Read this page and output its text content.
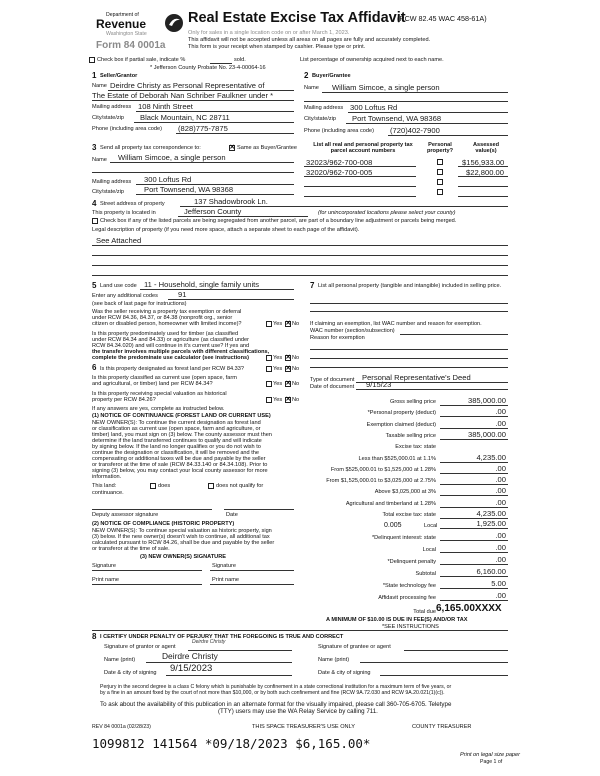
Department of
Revenue
Washington State
Form 84 0001a
Real Estate Excise Tax Affidavit
(RCW 82.45 WAC 458-61A)
Only for sales in a single location code on or after March 1, 2023.
This affidavit will not be accepted unless all areas on all pages are fully and accurately completed.
This form is your receipt when stamped by cashier. Please type or print.
Check box if partial sale, indicate %	sold.	List percentage of ownership acquired next to each name.
* Jefferson County Probate No. 23-4-00064-16
1 Seller/Grantor
Name Deirdre Christy as Personal Representative of
The Estate of Deborah Nan Schriber Faulkner under *
Mailing address 108 Ninth Street
City/state/zip Black Mountain, NC 28711
Phone (including area code) (828)775-7875
2 Buyer/Grantee
Name William Simcoe, a single person
Mailing address 300 Loftus Rd
City/state/zip Port Townsend, WA 98368
Phone (including area code) (720)402-7900
3 Send all property tax correspondence to: ✕	Same as Buyer/Grantee
Name William Simcoe, a single person
Mailing address 300 Loftus Rd
City/state/zip	Port Townsend, WA 98368
List all real and personal property tax parcel account numbers
Personal property?
Assessed value(s)
32023/962-700-008	$156,933.00
32020/962-700-005	$22,800.00
4 Street address of property	137 Shadowbrook Ln.
This property is located in	Jefferson County	(for unincorporated locations please select your county)
Check box if any of the listed parcels are being segregated from another parcel, are part of a boundary line adjustment or parcels being merged.
Legal description of property (if you need more space, attach a separate sheet to each page of the affidavit).
See Attached
5 Land use code 11 - Household, single family units
Enter any additional codes	91
(see back of last page for instructions)
Was the seller receiving a property tax exemption or deferral
under RCW 84.36, 84.37, or 84.38 (nonprofit org., senior
citizen or disabled person, homeowner with limited income)?	Yes ✕ No
Is this property predominately used for timber (as classified
under RCW 84.34 and 84.33) or agriculture (as classified under
RCW 84.34.020) and will continue in it's current use? If yes and
the transfer involves multiple parcels with different classifications,
complete the predominate use calculator (see instructions)	Yes ✕ No
6 Is this property designated as forest land per RCW 84.33?	Yes ✕ No
Is this property classified as current use (open space, farm
and agricultural, or timber) land per RCW 84.34?	Yes ✕ No
Is this property receiving special valuation as historical
property per RCW 84.26?	Yes ✕ No
If any answers are yes, complete as instructed below.
(1) NOTICE OF CONTINUANCE (FOREST LAND OR CURRENT USE)
NEW OWNER(S): To continue the current designation as forest land
or classification as current use (open space, farm and agriculture, or
timber) land, you must sign on (3) below. The county assessor must then
determine if the land transferred continues to qualify and will indicate
by signing below. If the land no longer qualifies or you do not wish to
continue the designation or classification, it will be removed and the
compensating or additional taxes will be due and payable by the seller
or transferor at the time of sale (RCW 84.33.140 or 84.34.108). Prior to
signing (3) below, you may contact your local county assessor for more
information.
This land:	does	does not qualify for
continuance.
Deputy assessor signature	Date
(2) NOTICE OF COMPLIANCE (HISTORIC PROPERTY)
NEW OWNER(S): To continue special valuation as historic property, sign
(3) below. If the new owner(s) doesn't wish to continue, all additional tax
calculated pursuant to RCW 84.26, shall be due and payable by the seller
or transferor at the time of sale.
(3) NEW OWNER(S) SIGNATURE
Signature	Signature
Print name	Print name
7 List all personal property (tangible and intangible) included in selling price.
If claiming an exemption, list WAC number and reason for exemption.
WAC number (section/subsection)
Reason for exemption
Type of document Personal Representative's Deed
Date of document 9/15/23
Gross selling price	385,000.00
*Personal property (deduct)	.00
Exemption claimed (deduct)	.00
Taxable selling price	385,000.00
Excise tax: state
Less than $525,000.01 at 1.1%	4,235.00
From $525,000.01 to $1,525,000 at 1.28%	.00
From $1,525,000.01 to $3,025,000 at 2.75%	.00
Above $3,025,000 at 3%	.00
Agricultural and timberland at 1.28%	.00
Total excise tax: state	4,235.00
0.005	Local	1,925.00
*Delinquent interest: state	.00
Local	.00
*Delinquent penalty	.00
Subtotal	6,160.00
*State technology fee	5.00
Affidavit processing fee	.00
Total due 6,165.00XXXX
A MINIMUM OF $10.00 IS DUE IN FEE(S) AND/OR TAX
*SEE INSTRUCTIONS
8 I CERTIFY UNDER PENALTY OF PERJURY THAT THE FOREGOING IS TRUE AND CORRECT
Signature of grantor or agent
Deirdre Christy
Signature of grantee or agent
Name (print)	Deirdre Christy	Name (print)
Date & city of signing 9/15/2023	Date & city of signing
Perjury in the second degree is a class C felony which is punishable by confinement in a state correctional institution for a maximum term of five years, or
by a fine in an amount fixed by the court of not more than $10,000, or by both such confinement and fine (RCW 9A.72.030 and RCW 9A.20.021(1)(c)).
To ask about the availability of this publication in an alternate format for the visually impaired, please call 360-705-6705. Teletype
(TTY) users may use the WA Relay Service by calling 711.
REV 84 0001a (02/28/23)	THIS SPACE TREASURER'S USE ONLY	COUNTY TREASURER
1099812 141564 *09/18/2023 $6,165.00*
Print on legal size paper
Page 1 of
